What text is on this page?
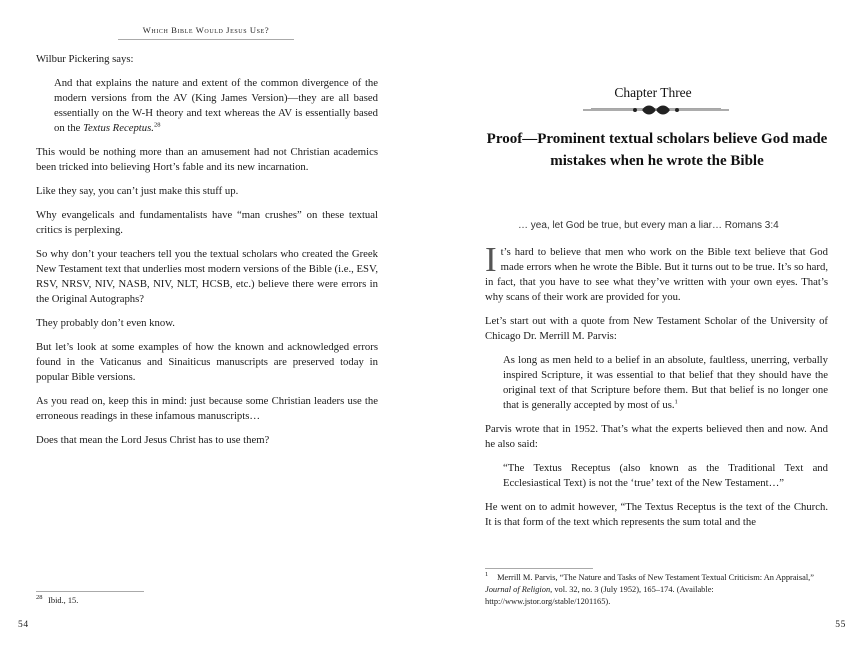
Which Bible Would Jesus Use?

Wilbur Pickering says:

And that explains the nature and extent of the common divergence of the modern versions from the AV (King James Version)—they are all based essentially on the W-H theory and text whereas the AV is essentially based on the Textus Receptus.$^{28}$

This would be nothing more than an amusement had not Christian academics been tricked into believing Hort’s fable and its new incarnation.

Like they say, you can’t just make this stuff up.

Why evangelicals and fundamentalists have “man crushes” on these textual critics is perplexing.

So why don’t your teachers tell you the textual scholars who created the Greek New Testament text that underlies most modern versions of the Bible (i.e., ESV, RSV, NRSV, NIV, NASB, NIV, NLT, HCSB, etc.) believe there were errors in the Original Autographs?

They probably don’t even know.

But let’s look at some examples of how the known and acknowledged errors found in the Vaticanus and Sinaiticus manuscripts are preserved today in popular Bible versions.

As you read on, keep this in mind: just because some Christian leaders use the erroneous readings in these infamous manuscripts…

Does that mean the Lord Jesus Christ has to use them?

$^{28}$ Ibid., 15.
54
Chapter Three
Proof—Prominent textual scholars believe God made mistakes when he wrote the Bible
… yea, let God be true, but every man a liar… Romans 3:4

It’s hard to believe that men who work on the Bible text believe that God made errors when he wrote the Bible. But it turns out to be true. It’s so hard, in fact, that you have to see what they’ve written with your own eyes. That’s why scans of their work are provided for you.

Let’s start out with a quote from New Testament Scholar of the University of Chicago Dr. Merrill M. Parvis:

As long as men held to a belief in an absolute, faultless, unerring, verbally inspired Scripture, it was essential to that belief that they should have the original text of that Scripture before them. But that belief is no longer one that is generally accepted by most of us.$^1$

Parvis wrote that in 1952. That’s what the experts believed then and now. And he also said:

“The Textus Receptus (also known as the Traditional Text and Ecclesiastical Text) is not the ‘true’ text of the New Testament…”

He went on to admit however, “The Textus Receptus is the text of the Church. It is that form of the text which represents the sum total and the

$^1$ Merrill M. Parvis, “The Nature and Tasks of New Testament Textual Criticism: An Appraisal,” Journal of Religion, vol. 32, no. 3 (July 1952), 165–174. (Available: http://www.jstor.org/stable/1201165).
55
